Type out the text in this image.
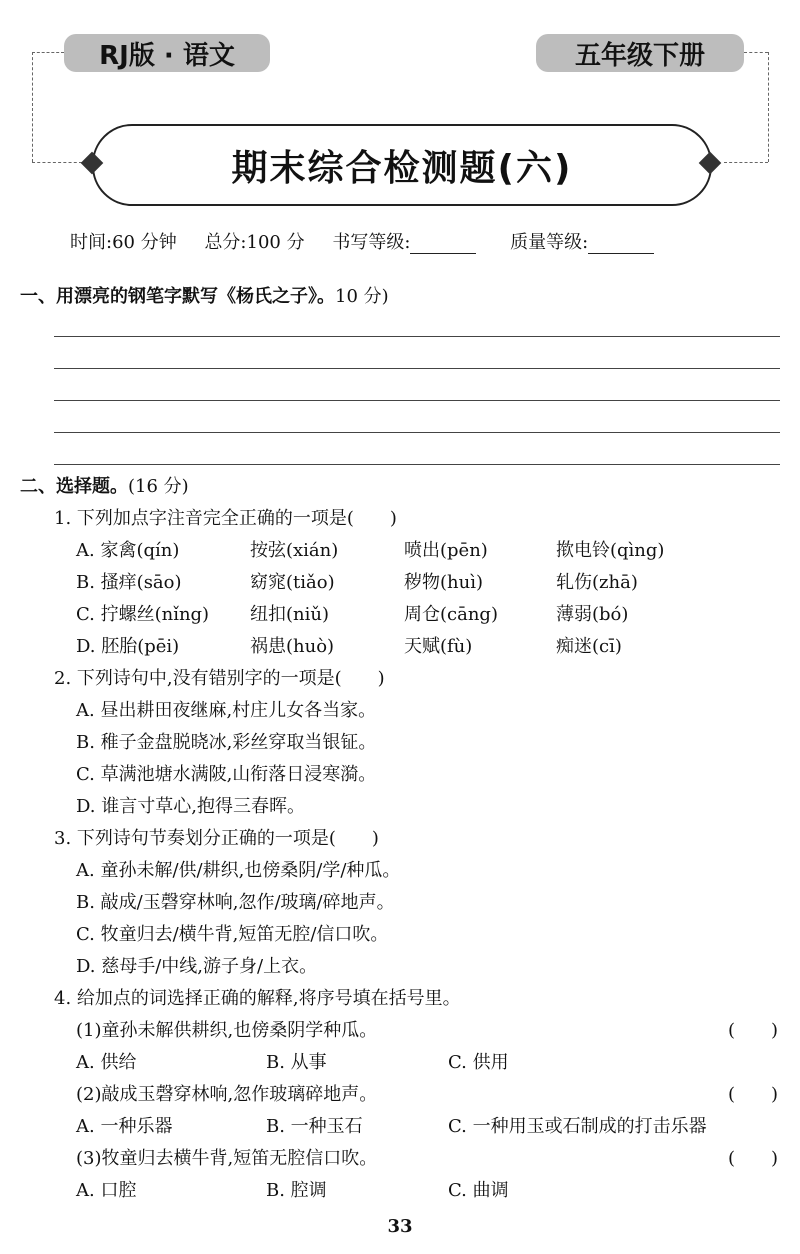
RJ版 · 语文	五年级下册
期末综合检测题(六)
时间:60 分钟 总分:100 分 书写等级:	质量等级:
一、用漂亮的钢笔字默写《杨氏之子》。10 分)
二、选择题。(16 分)
1. 下列加点字注音完全正确的一项是(　　)
A. 家禽(qín)	按弦(xián)	喷出(pēn)	揿电铃(qìng)
B. 搔痒(sāo)	窈窕(tiǎo)	秽物(huì)	轧伤(zhā)
C. 拧螺丝(nǐng)	纽扣(niǔ)	周仓(cāng)	薄弱(bó)
D. 胚胎(pēi)	祸患(huò)	天赋(fù)	痴迷(cī)
2. 下列诗句中,没有错别字的一项是(　　)
A. 昼出耕田夜继麻,村庄儿女各当家。
B. 稚子金盘脱晓冰,彩丝穿取当银钲。
C. 草满池塘水满陂,山衔落日浸寒漪。
D. 谁言寸草心,抱得三春晖。
3. 下列诗句节奏划分正确的一项是(　　)
A. 童孙未解/供/耕织,也傍桑阴/学/种瓜。
B. 敲成/玉磬穿林响,忽作/玻璃/碎地声。
C. 牧童归去/横牛背,短笛无腔/信口吹。
D. 慈母手/中线,游子身/上衣。
4. 给加点的词选择正确的解释,将序号填在括号里。
(1)童孙未解供耕织,也傍桑阴学种瓜。	(　　)
A. 供给	B. 从事	C. 供用
(2)敲成玉磬穿林响,忽作玻璃碎地声。	(　　)
A. 一种乐器	B. 一种玉石	C. 一种用玉或石制成的打击乐器
(3)牧童归去横牛背,短笛无腔信口吹。	(　　)
A. 口腔	B. 腔调	C. 曲调
33
